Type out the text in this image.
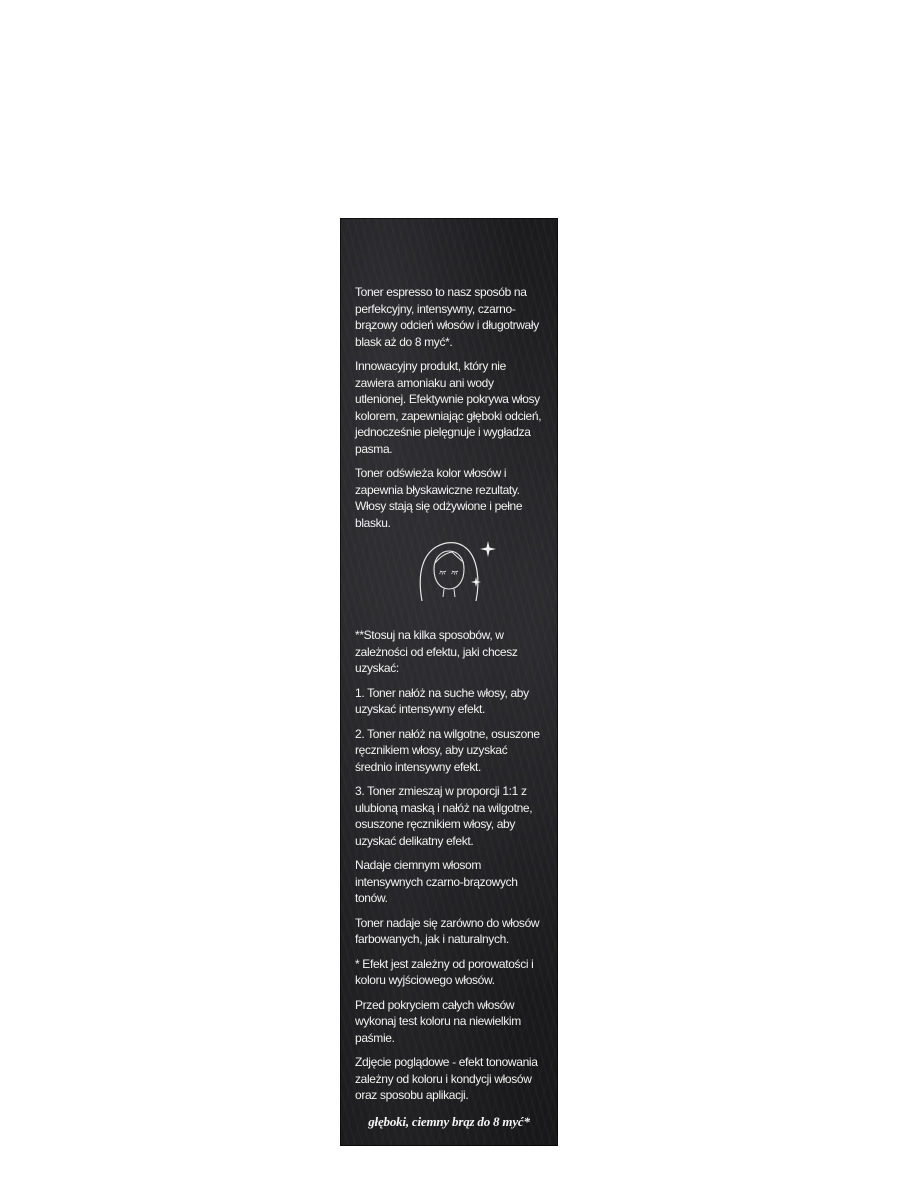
Toner espresso to nasz sposób na perfekcyjny, intensywny, czarno-brązowy odcień włosów i długotrwały blask aż do 8 myć*.

Innowacyjny produkt, który nie zawiera amoniaku ani wody utlenionej. Efektywnie pokrywa włosy kolorem, zapewniając głęboki odcień, jednocześnie pielęgnuje i wygładza pasma.

Toner odświeża kolor włosów i zapewnia błyskawiczne rezultaty. Włosy stają się odżywione i pełne blasku.

**Stosuj na kilka sposobów, w zależności od efektu, jaki chcesz uzyskać:

1. Toner nałóż na suche włosy, aby uzyskać intensywny efekt.

2. Toner nałóż na wilgotne, osuszone ręcznikiem włosy, aby uzyskać średnio intensywny efekt.

3. Toner zmieszaj w proporcji 1:1 z ulubioną maską i nałóż na wilgotne, osuszone ręcznikiem włosy, aby uzyskać delikatny efekt.

Nadaje ciemnym włosom intensywnych czarno-brązowych tonów.

Toner nadaje się zarówno do włosów farbowanych, jak i naturalnych.

* Efekt jest zależny od porowatości i koloru wyjściowego włosów.

Przed pokryciem całych włosów wykonaj test koloru na niewielkim paśmie.

Zdjęcie poglądowe - efekt tonowania zależny od koloru i kondycji włosów oraz sposobu aplikacji.

głęboki, ciemny brąz do 8 myć*
